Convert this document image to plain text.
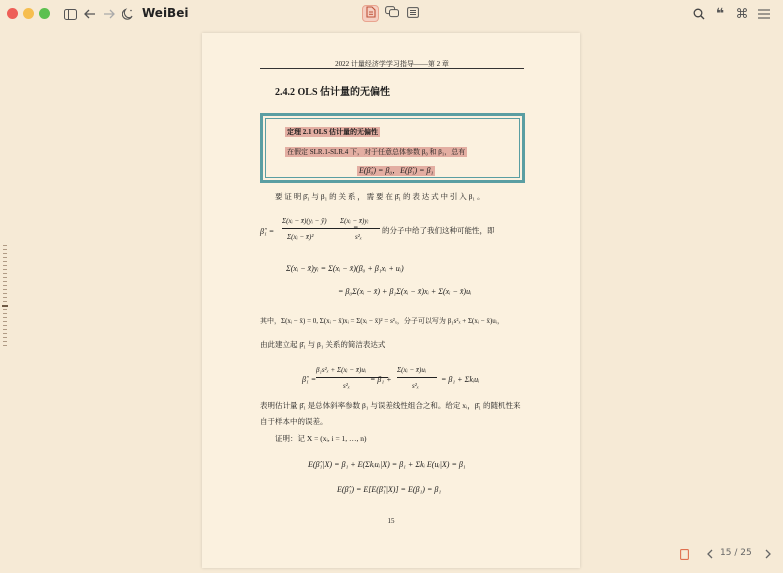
WeiBei	❝ ⌘
2022 计量经济学学习指导——第 2 章
2.4.2 OLS 估计量的无偏性
定理 2.1 OLS 估计量的无偏性
在假定 SLR.1-SLR.4 下，对于任意总体参数 β₀ 和 β₁，总有
E(β̂₀) = β₀，E(β̂₁) = β₁
要 证 明 β̂₁ 与 β₁ 的 关 系 ， 需 要 在 β̂₁ 的 表 达 式 中 引 入 β₁ 。
β̂₁ =
Σ(xᵢ − x̄)(yᵢ − ȳ)
Σ(xᵢ − x̄)²
Σ(xᵢ − x̄)yᵢ
s²ₓ
的分子中给了我们这种可能性，即
Σ(xᵢ − x̄)yᵢ = Σ(xᵢ − x̄)(β₀ + β₁xᵢ + uᵢ)
= β₀Σ(xᵢ − x̄) + β₁Σ(xᵢ − x̄)xᵢ + Σ(xᵢ − x̄)uᵢ
其中，Σ(xᵢ − x̄) = 0, Σ(xᵢ − x̄)xᵢ = Σ(xᵢ − x̄)² = s²ₓ，分子可以写为 β₁s²ₓ + Σ(xᵢ − x̄)uᵢ，
由此建立起 β̂₁ 与 β₁ 关系的简洁表达式
β̂₁ =
β₁s²ₓ + Σ(xᵢ − x̄)uᵢ
s²ₓ
= β₁ +
Σ(xᵢ − x̄)uᵢ
s²ₓ
= β₁ + Σkᵢuᵢ
表明估计量 β̂₁ 是总体斜率参数 β₁ 与误差线性组合之和。给定 xᵢ，β̂₁ 的随机性来
自于样本中的误差。
证明：记 X = (xᵢ, i = 1, …, n)
E(β̂₁|X) = β₁ + E(Σkᵢuᵢ|X) = β₁ + Σkᵢ E(uᵢ|X) = β₁
E(β̂₁) = E[E(β̂₁|X)] = E(β₁) = β₁
15
15 / 25
